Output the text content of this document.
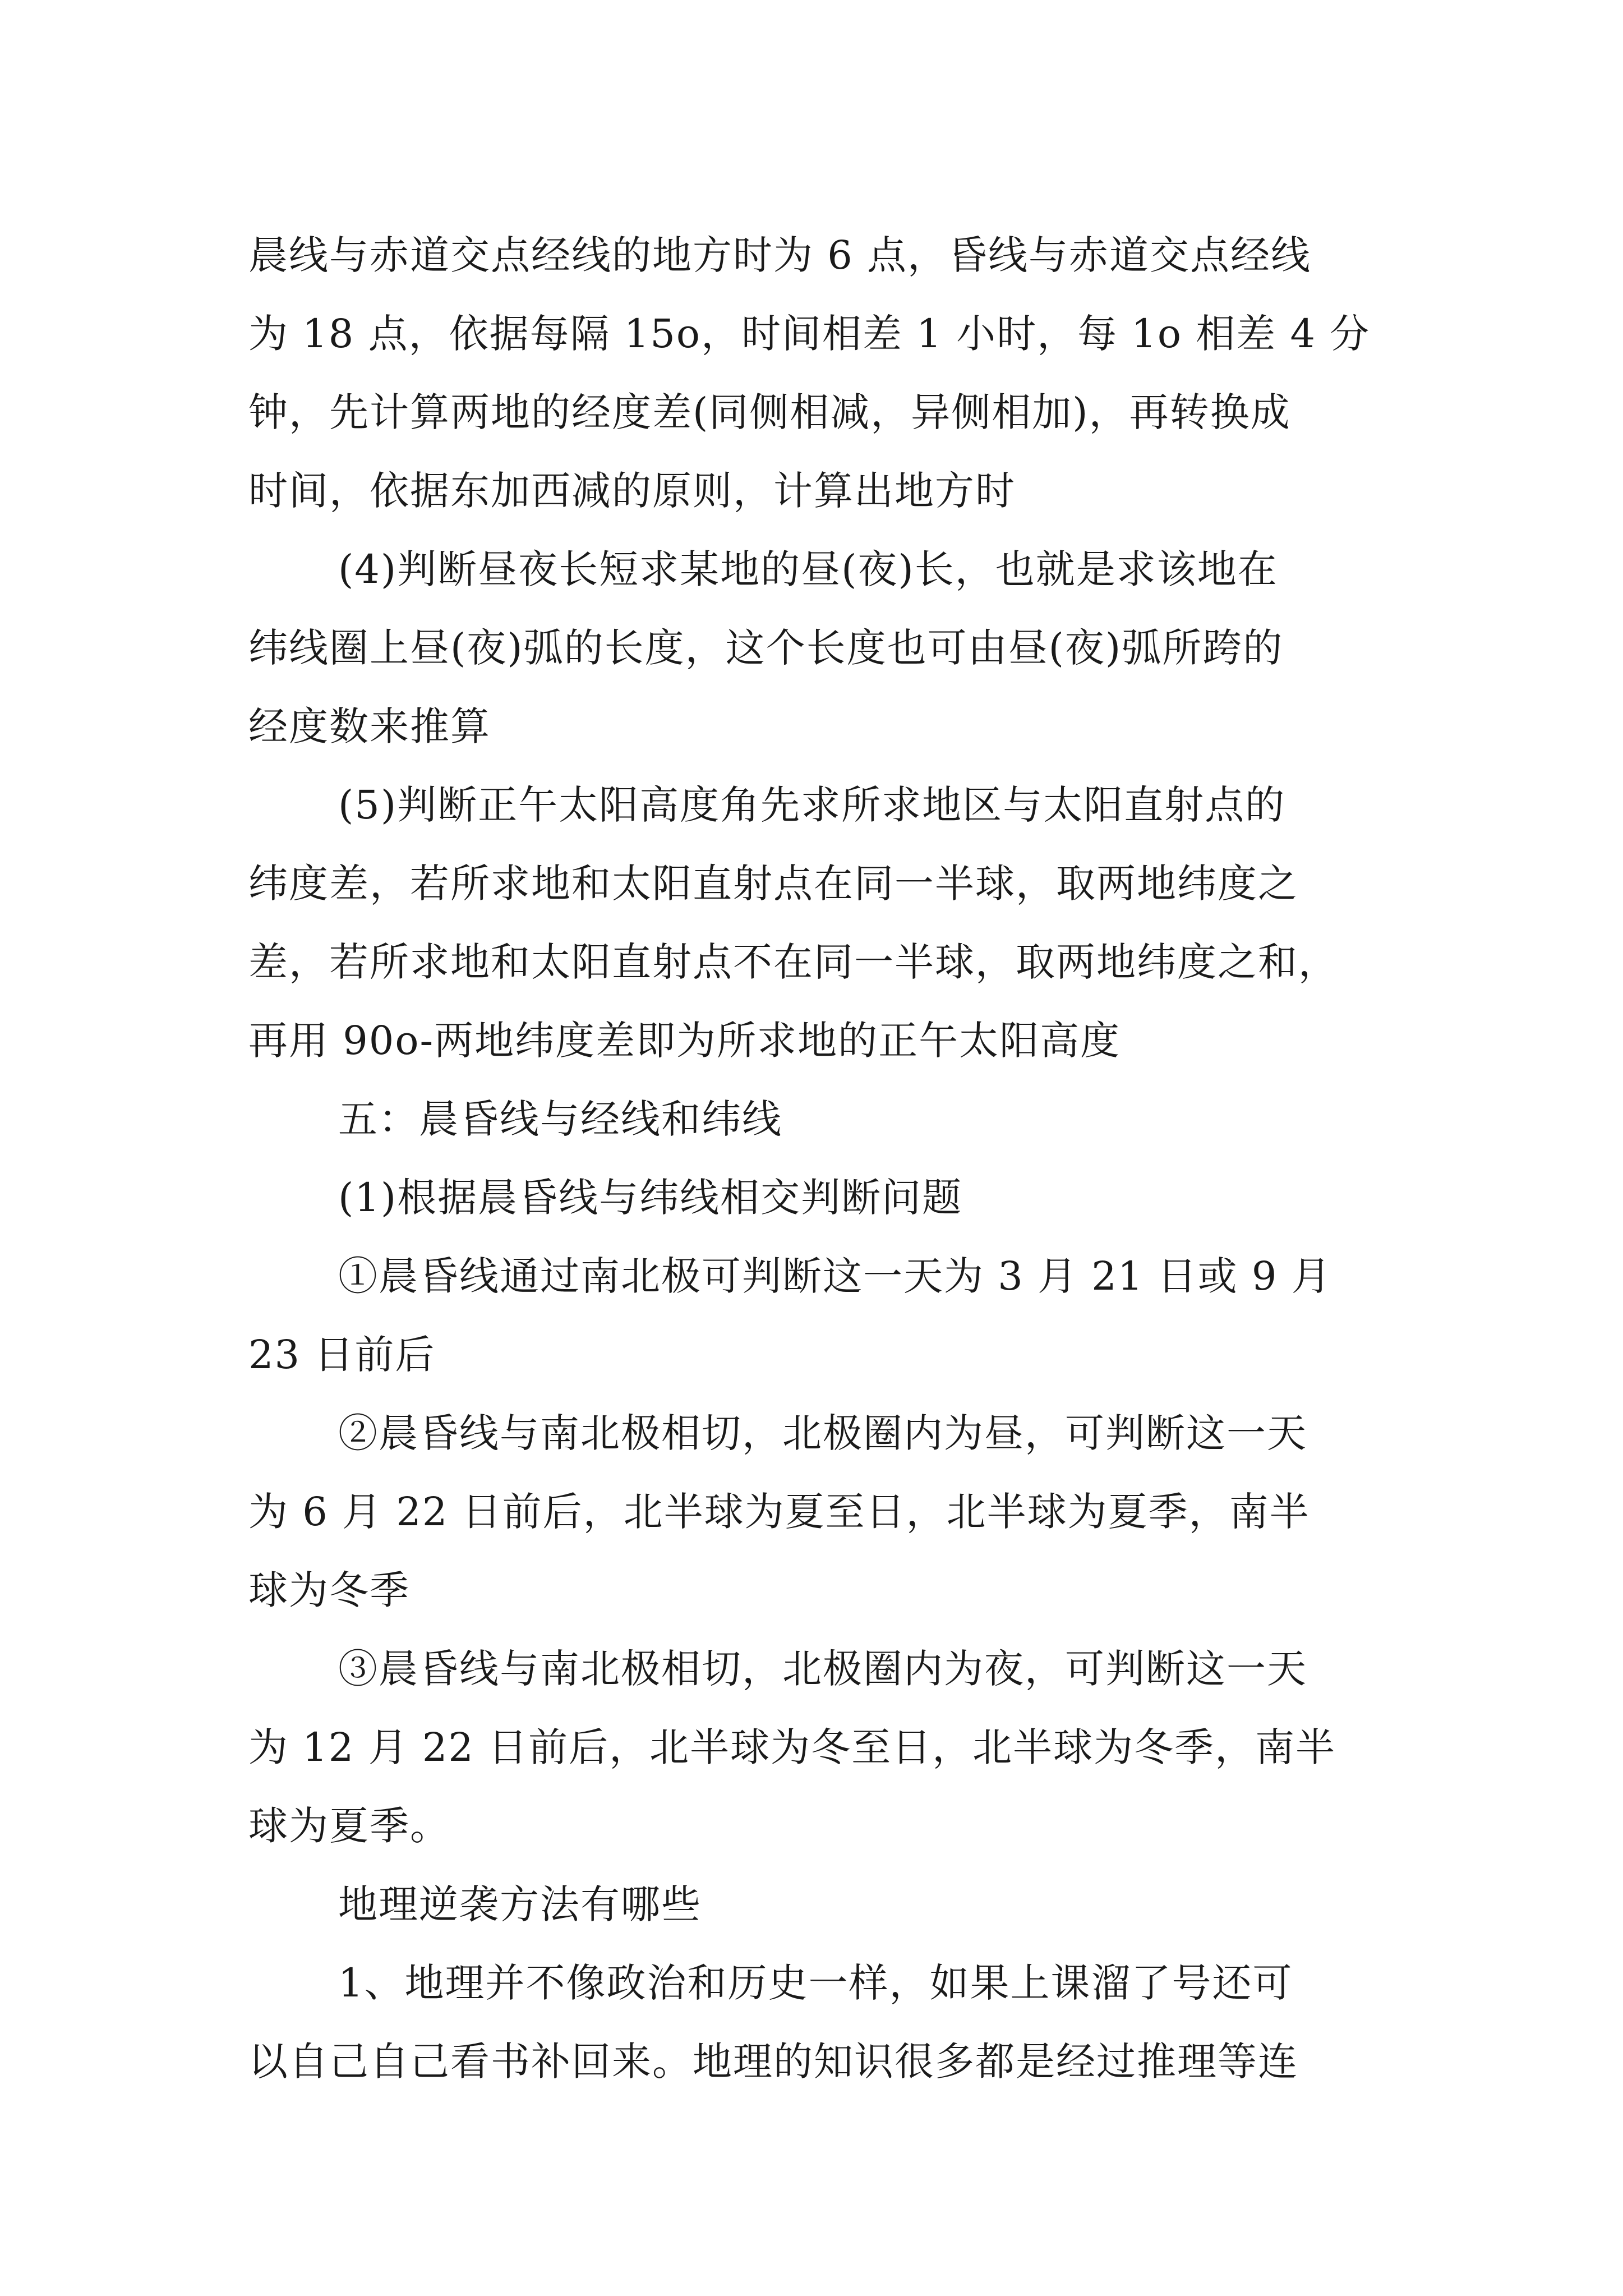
晨线与赤道交点经线的地方时为 6 点，昏线与赤道交点经线
为 18 点，依据每隔 15o，时间相差 1 小时，每 1o 相差 4 分
钟，先计算两地的经度差(同侧相减，异侧相加)，再转换成
时间，依据东加西减的原则，计算出地方时
(4)判断昼夜长短求某地的昼(夜)长，也就是求该地在
纬线圈上昼(夜)弧的长度，这个长度也可由昼(夜)弧所跨的
经度数来推算
(5)判断正午太阳高度角先求所求地区与太阳直射点的
纬度差，若所求地和太阳直射点在同一半球，取两地纬度之
差，若所求地和太阳直射点不在同一半球，取两地纬度之和，
再用 90o-两地纬度差即为所求地的正午太阳高度
五：晨昏线与经线和纬线
(1)根据晨昏线与纬线相交判断问题
①晨昏线通过南北极可判断这一天为 3 月 21 日或 9 月
23 日前后
②晨昏线与南北极相切，北极圈内为昼，可判断这一天
为 6 月 22 日前后，北半球为夏至日，北半球为夏季，南半
球为冬季
③晨昏线与南北极相切，北极圈内为夜，可判断这一天
为 12 月 22 日前后，北半球为冬至日，北半球为冬季，南半
球为夏季。
地理逆袭方法有哪些
1、地理并不像政治和历史一样，如果上课溜了号还可
以自己自己看书补回来。地理的知识很多都是经过推理等连
